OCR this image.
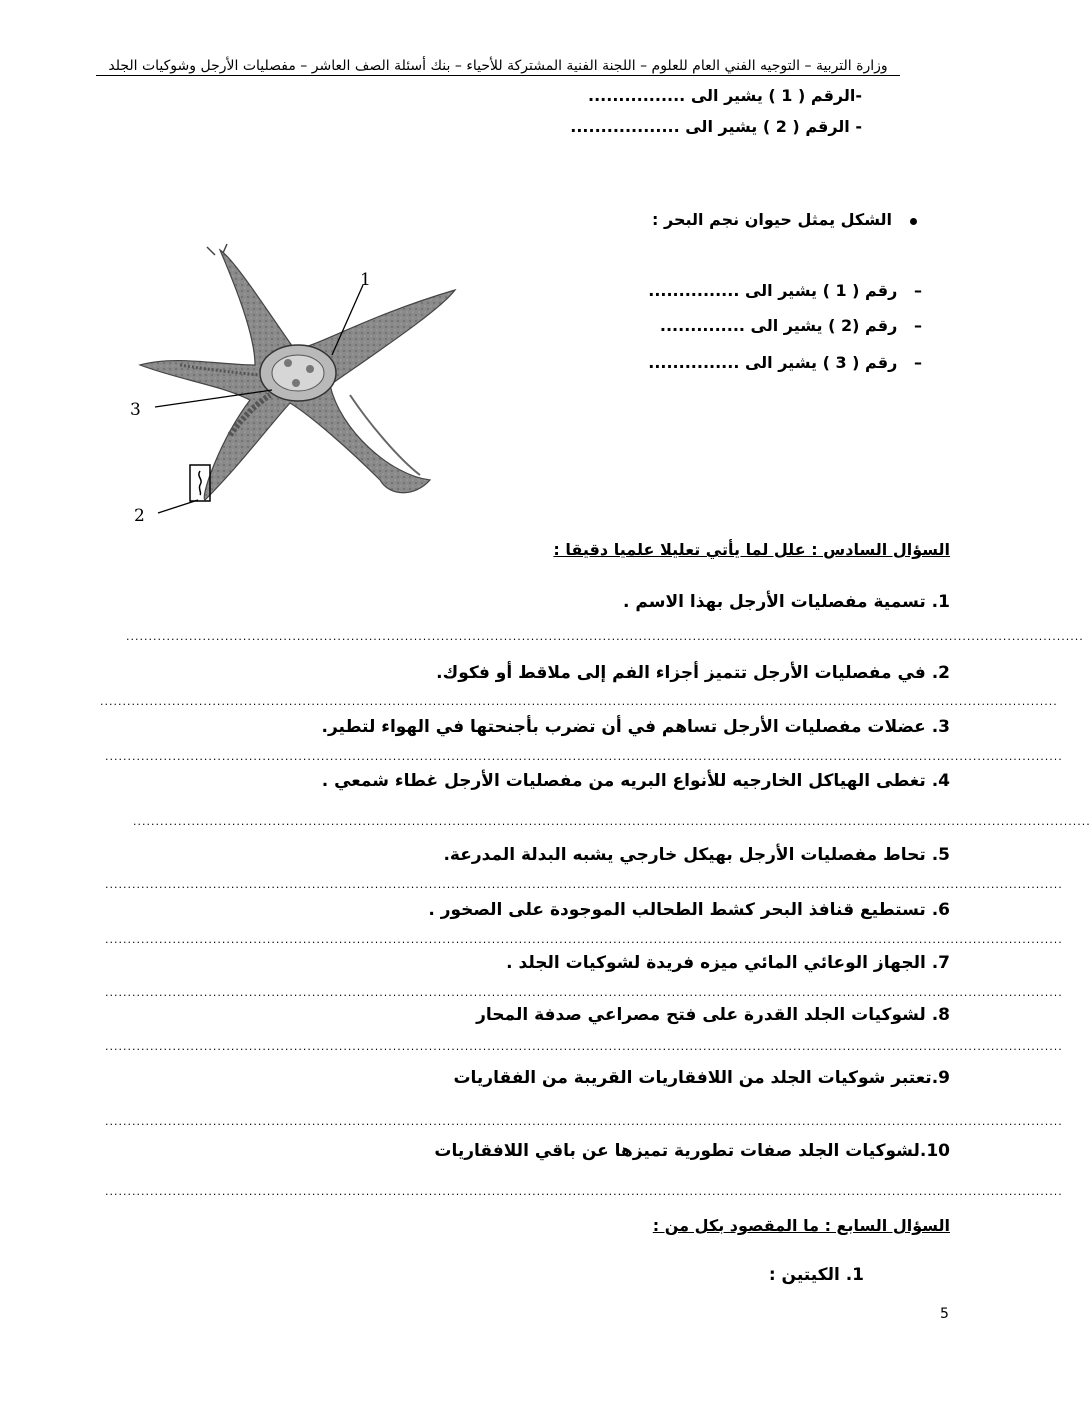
وزارة التربية – التوجيه الفني العام للعلوم – اللجنة الفنية المشتركة للأحياء – بنك أسئلة الصف العاشر – مفصليات الأرجل وشوكيات الجلد
-الرقم ( 1 ) يشير الى ................
- الرقم ( 2 ) يشير الى ..................
الشكل يمثل حيوان نجم البحر :
–   رقم ( 1 ) يشير الى ...............
–   رقم (2 ) يشير الى ..............
–   رقم ( 3 ) يشير الى ...............
1
3
2
السؤال السادس : علل لما يأتي تعليلا علميا دقيقا :
1. تسمية مفصليات الأرجل بهذا الاسم .
.....................................................................................................................................................................................................................
2. في مفصليات الأرجل تتميز أجزاء الفم إلى ملاقط أو فكوك.
.....................................................................................................................................................................................................................
3. عضلات مفصليات الأرجل تساهم في أن تضرب بأجنحتها في الهواء لتطير.
.....................................................................................................................................................................................................................
4. تغطى الهياكل الخارجيه للأنواع البريه من مفصليات الأرجل غطاء شمعي .
.....................................................................................................................................................................................................................
5. تحاط مفصليات الأرجل بهيكل خارجي يشبه البدلة المدرعة.
.....................................................................................................................................................................................................................
6. تستطيع قنافذ البحر كشط الطحالب الموجودة على الصخور .
.....................................................................................................................................................................................................................
7. الجهاز الوعائي المائي ميزه فريدة لشوكيات الجلد .
.....................................................................................................................................................................................................................
8. لشوكيات الجلد القدرة على فتح مصراعي صدفة المحار
.....................................................................................................................................................................................................................
9.تعتبر شوكيات الجلد من اللافقاريات القريبة من الفقاريات
.....................................................................................................................................................................................................................
10.لشوكيات الجلد صفات تطورية تميزها عن باقي اللافقاريات
.....................................................................................................................................................................................................................
السؤال السابع : ما المقصود بكل من :
1. الكيتين :
5
